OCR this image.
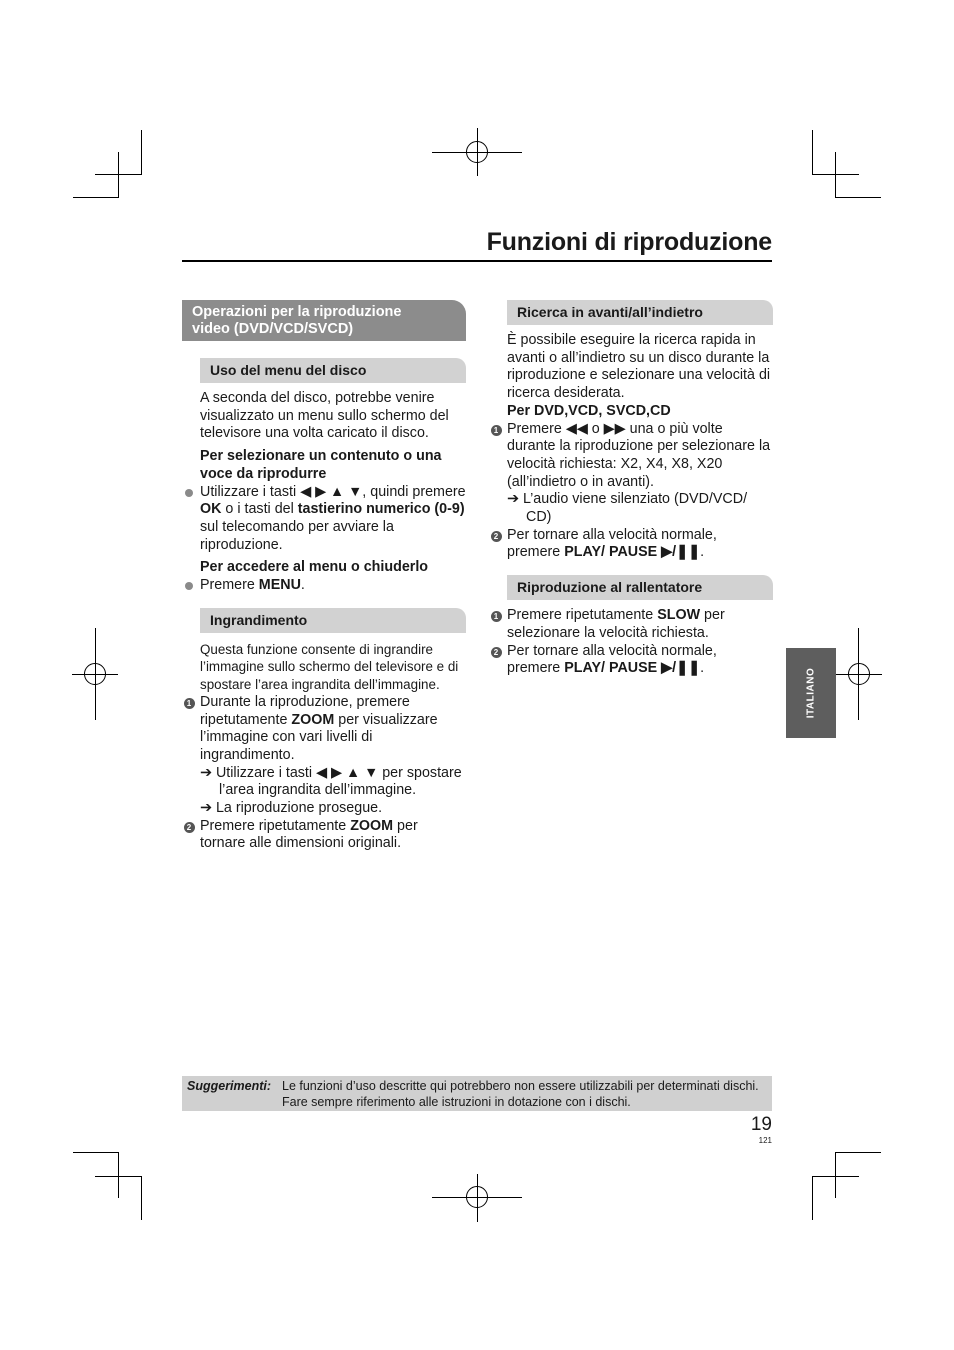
Funzioni di riproduzione
Operazioni per la riproduzione
video (DVD/VCD/SVCD)
Uso del menu del disco

A seconda del disco, potrebbe venire visualizzato un menu sullo schermo del televisore una volta caricato il disco.

Per selezionare un contenuto o una voce da riprodurre

Utilizzare i tasti ◀ ▶ ▲ ▼, quindi premere OK o i tasti del tastierino numerico (0-9) sul telecomando per avviare la riproduzione.

Per accedere al menu o chiuderlo

Premere MENU.
Ingrandimento

Questa funzione consente di ingrandire l’immagine sullo schermo del televisore e di spostare l’area ingrandita dell’immagine.

1 Durante la riproduzione, premere ripetutamente ZOOM per visualizzare l’immagine con vari livelli di ingrandimento.

➔ Utilizzare i tasti ◀ ▶ ▲ ▼ per spostare l’area ingrandita dell’immagine.

➔ La riproduzione prosegue.

2 Premere ripetutamente ZOOM per tornare alle dimensioni originali.
Ricerca in avanti/all’indietro

È possibile eseguire la ricerca rapida in avanti o all’indietro su un disco durante la riproduzione e selezionare una velocità di ricerca desiderata.

Per DVD,VCD, SVCD,CD

1 Premere ◀◀ o ▶▶ una o più volte durante la riproduzione per selezionare la velocità richiesta: X2, X4, X8, X20 (all’indietro o in avanti).

➔ L’audio viene silenziato (DVD/VCD/ CD)

2 Per tornare alla velocità normale, premere PLAY/ PAUSE ▶/❚❚.
Riproduzione al rallentatore
1 Premere ripetutamente SLOW per selezionare la velocità richiesta.
2 Per tornare alla velocità normale, premere PLAY/ PAUSE ▶/❚❚.	ITALIANO
Suggerimenti: Le funzioni d’uso descritte qui potrebbero non essere utilizzabili per determinati dischi.
Fare sempre riferimento alle istruzioni in dotazione con i dischi.
19
121
